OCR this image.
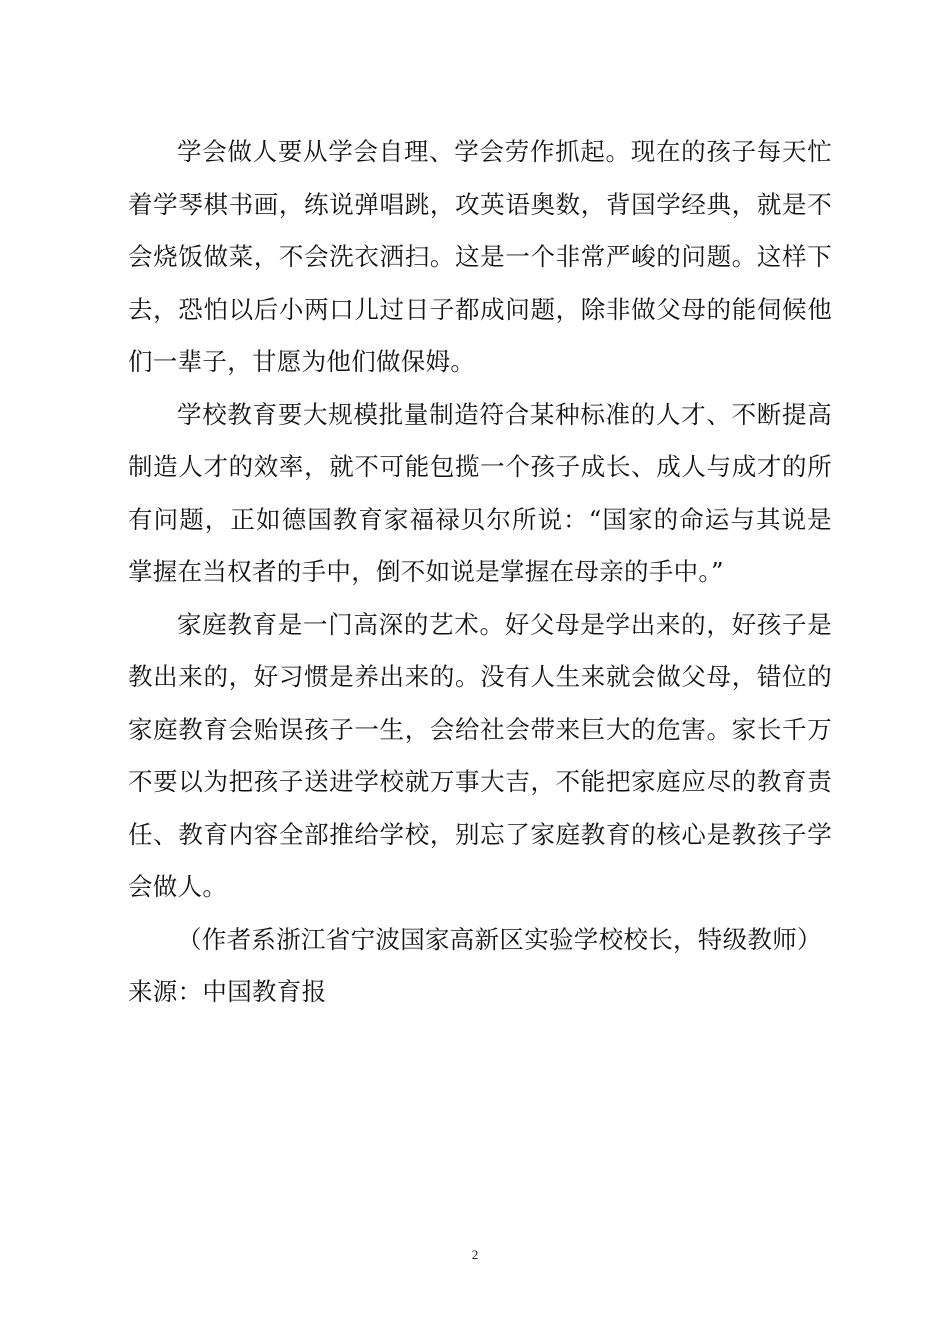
学会做人要从学会自理、学会劳作抓起。现在的孩子每天忙着学琴棋书画，练说弹唱跳，攻英语奥数，背国学经典，就是不会烧饭做菜，不会洗衣洒扫。这是一个非常严峻的问题。这样下去，恐怕以后小两口儿过日子都成问题，除非做父母的能伺候他们一辈子，甘愿为他们做保姆。

学校教育要大规模批量制造符合某种标准的人才、不断提高制造人才的效率，就不可能包揽一个孩子成长、成人与成才的所有问题，正如德国教育家福禄贝尔所说：“国家的命运与其说是掌握在当权者的手中，倒不如说是掌握在母亲的手中。”

家庭教育是一门高深的艺术。好父母是学出来的，好孩子是教出来的，好习惯是养出来的。没有人生来就会做父母，错位的家庭教育会贻误孩子一生，会给社会带来巨大的危害。家长千万不要以为把孩子送进学校就万事大吉，不能把家庭应尽的教育责任、教育内容全部推给学校，别忘了家庭教育的核心是教孩子学会做人。

（作者系浙江省宁波国家高新区实验学校校长，特级教师）

来源：中国教育报

2
